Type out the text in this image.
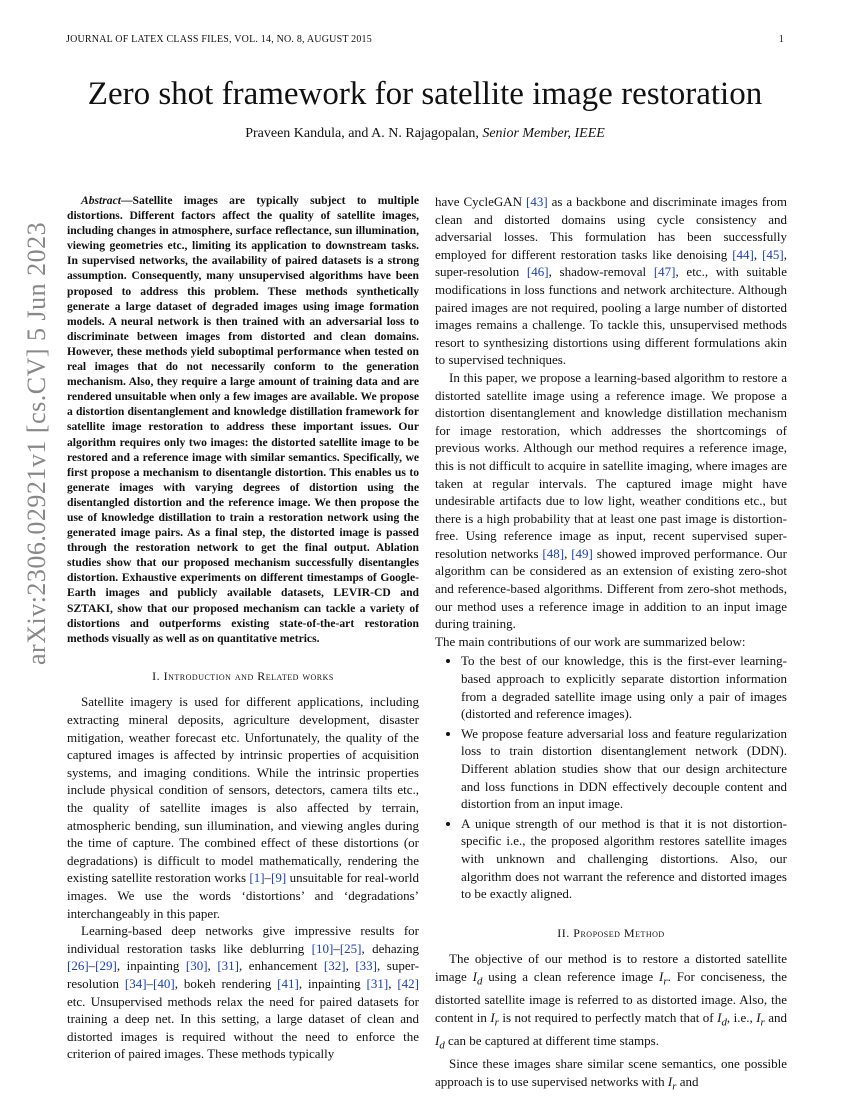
JOURNAL OF LATEX CLASS FILES, VOL. 14, NO. 8, AUGUST 2015	1
Zero shot framework for satellite image restoration
Praveen Kandula, and A. N. Rajagopalan, Senior Member, IEEE
arXiv:2306.02921v1 [cs.CV] 5 Jun 2023

Abstract—Satellite images are typically subject to multiple distortions. Different factors affect the quality of satellite images, including changes in atmosphere, surface reflectance, sun illumination, viewing geometries etc., limiting its application to downstream tasks. In supervised networks, the availability of paired datasets is a strong assumption. Consequently, many unsupervised algorithms have been proposed to address this problem. These methods synthetically generate a large dataset of degraded images using image formation models. A neural network is then trained with an adversarial loss to discriminate between images from distorted and clean domains. However, these methods yield suboptimal performance when tested on real images that do not necessarily conform to the generation mechanism. Also, they require a large amount of training data and are rendered unsuitable when only a few images are available. We propose a distortion disentanglement and knowledge distillation framework for satellite image restoration to address these important issues. Our algorithm requires only two images: the distorted satellite image to be restored and a reference image with similar semantics. Specifically, we first propose a mechanism to disentangle distortion. This enables us to generate images with varying degrees of distortion using the disentangled distortion and the reference image. We then propose the use of knowledge distillation to train a restoration network using the generated image pairs. As a final step, the distorted image is passed through the restoration network to get the final output. Ablation studies show that our proposed mechanism successfully disentangles distortion. Exhaustive experiments on different timestamps of Google-Earth images and publicly available datasets, LEVIR-CD and SZTAKI, show that our proposed mechanism can tackle a variety of distortions and outperforms existing state-of-the-art restoration methods visually as well as on quantitative metrics.

I. Introduction and Related works

Satellite imagery is used for different applications, including extracting mineral deposits, agriculture development, disaster mitigation, weather forecast etc. Unfortunately, the quality of the captured images is affected by intrinsic properties of acquisition systems, and imaging conditions. While the intrinsic properties include physical condition of sensors, detectors, camera tilts etc., the quality of satellite images is also affected by terrain, atmospheric bending, sun illumination, and viewing angles during the time of capture. The combined effect of these distortions (or degradations) is difficult to model mathematically, rendering the existing satellite restoration works [1]–[9] unsuitable for real-world images. We use the words ‘distortions’ and ‘degradations’ interchangeably in this paper.

Learning-based deep networks give impressive results for individual restoration tasks like deblurring [10]–[25], dehazing [26]–[29], inpainting [30], [31], enhancement [32], [33], super-resolution [34]–[40], bokeh rendering [41], inpainting [31], [42] etc. Unsupervised methods relax the need for paired datasets for training a deep net. In this setting, a large dataset of clean and distorted images is required without the need to enforce the criterion of paired images. These methods typically

have CycleGAN [43] as a backbone and discriminate images from clean and distorted domains using cycle consistency and adversarial losses. This formulation has been successfully employed for different restoration tasks like denoising [44], [45], super-resolution [46], shadow-removal [47], etc., with suitable modifications in loss functions and network architecture. Although paired images are not required, pooling a large number of distorted images remains a challenge. To tackle this, unsupervised methods resort to synthesizing distortions using different formulations akin to supervised techniques.

In this paper, we propose a learning-based algorithm to restore a distorted satellite image using a reference image. We propose a distortion disentanglement and knowledge distillation mechanism for image restoration, which addresses the shortcomings of previous works. Although our method requires a reference image, this is not difficult to acquire in satellite imaging, where images are taken at regular intervals. The captured image might have undesirable artifacts due to low light, weather conditions etc., but there is a high probability that at least one past image is distortion-free. Using reference image as input, recent supervised super-resolution networks [48], [49] showed improved performance. Our algorithm can be considered as an extension of existing zero-shot and reference-based algorithms. Different from zero-shot methods, our method uses a reference image in addition to an input image during training.

The main contributions of our work are summarized below:

• To the best of our knowledge, this is the first-ever learning-based approach to explicitly separate distortion information from a degraded satellite image using only a pair of images (distorted and reference images).
• We propose feature adversarial loss and feature regularization loss to train distortion disentanglement network (DDN). Different ablation studies show that our design architecture and loss functions in DDN effectively decouple content and distortion from an input image.
• A unique strength of our method is that it is not distortion-specific i.e., the proposed algorithm restores satellite images with unknown and challenging distortions. Also, our algorithm does not warrant the reference and distorted images to be exactly aligned.
II. Proposed Method

The objective of our method is to restore a distorted satellite image $I_d$ using a clean reference image $I_r$. For conciseness, the distorted satellite image is referred to as distorted image. Also, the content in $I_r$ is not required to perfectly match that of $I_d$, i.e., $I_r$ and $I_d$ can be captured at different time stamps.

Since these images share similar scene semantics, one possible approach is to use supervised networks with $I_r$ and
